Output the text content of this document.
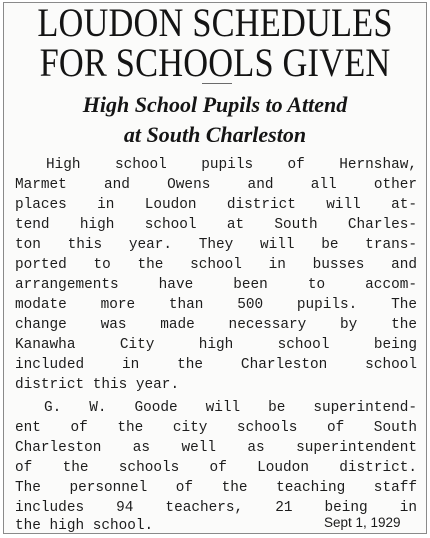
LOUDON SCHEDULES
FOR SCHOOLS GIVEN
High School Pupils to Attend
at South Charleston
High school pupils of Hernshaw,
Marmet and Owens and all other
places in Loudon district will at-
tend high school at South Charles-
ton this year. They will be trans-
ported to the school in busses and
arrangements have been to accom-
modate more than 500 pupils. The
change was made necessary by the
Kanawha City high school being
included in the Charleston school
district this year.
G. W. Goode will be superintend-
ent of the city schools of South
Charleston as well as superintendent
of the schools of Loudon district.
The personnel of the teaching staff
includes 94 teachers, 21 being in
the high school.	Sept 1, 1929
